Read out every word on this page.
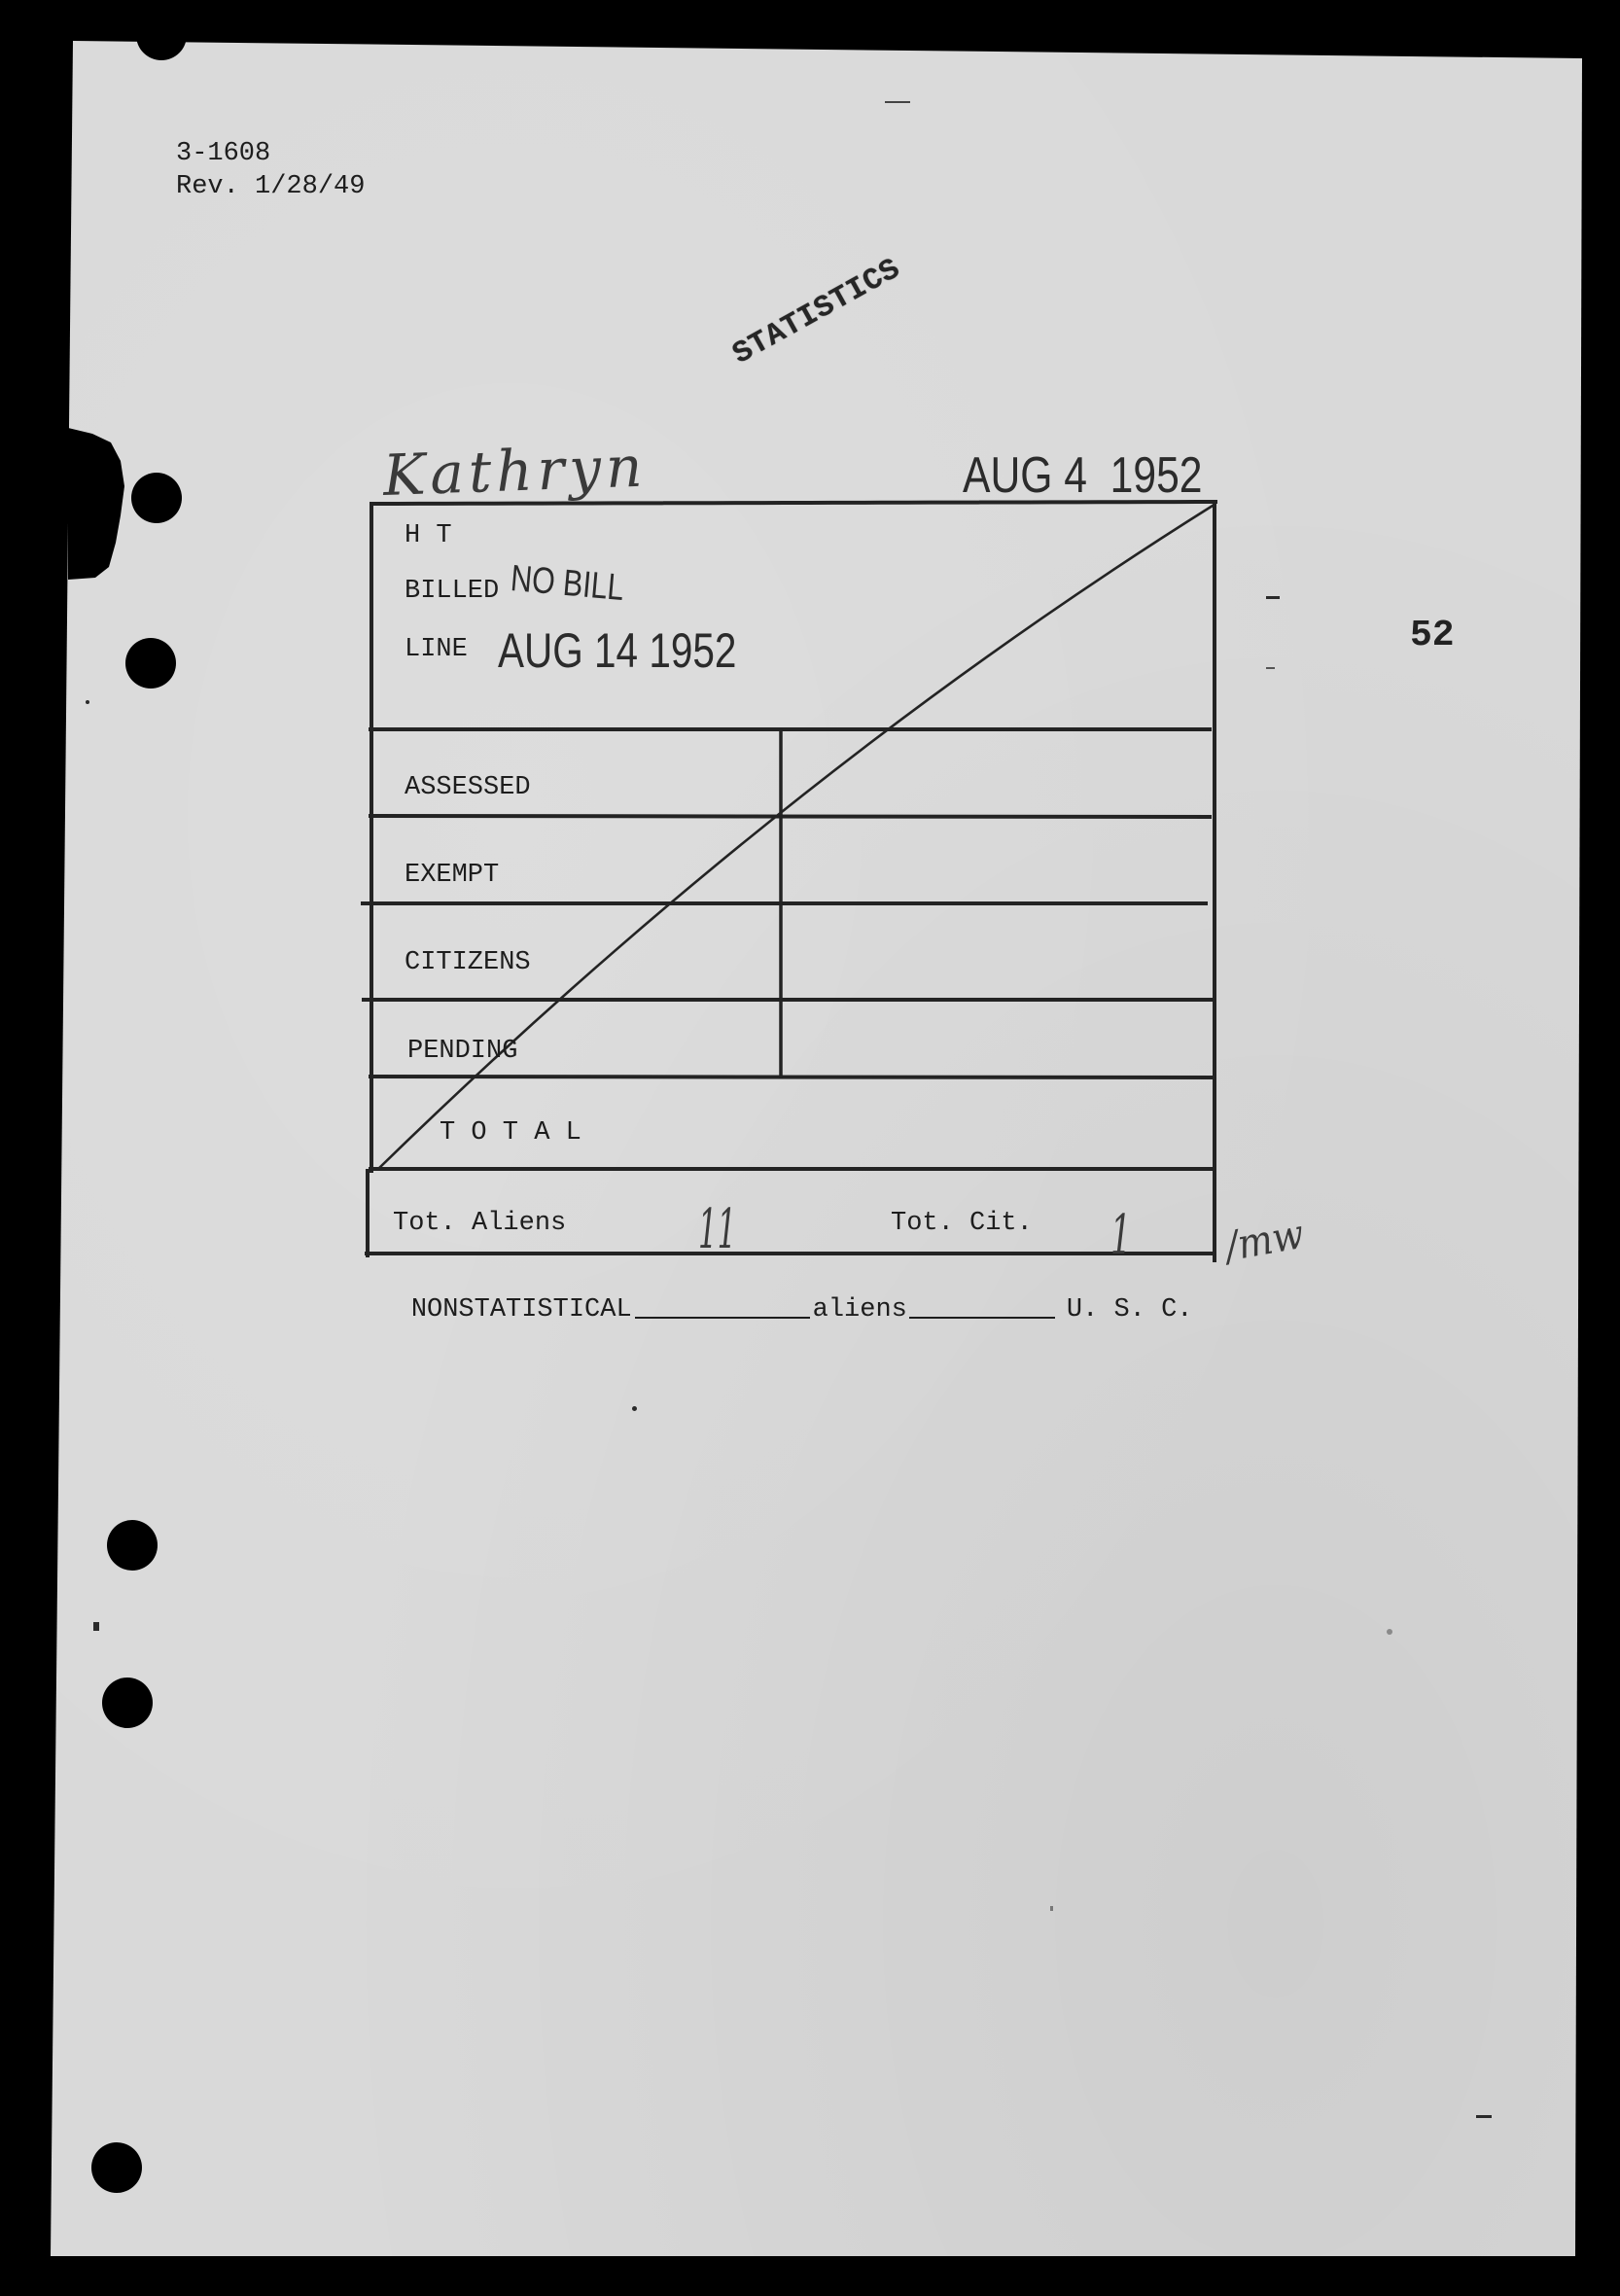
3-1608
Rev. 1/28/49
STATISTICS
Kathryn	AUG 4  1952
52
H T
BILLED NO BILL
LINE AUG 14 1952
ASSESSED
EXEMPT
CITIZENS
PENDING
T O T A L
Tot. Aliens 11	Tot. Cit. 1 /mw

NONSTATISTICAL	aliens	U. S. C.
